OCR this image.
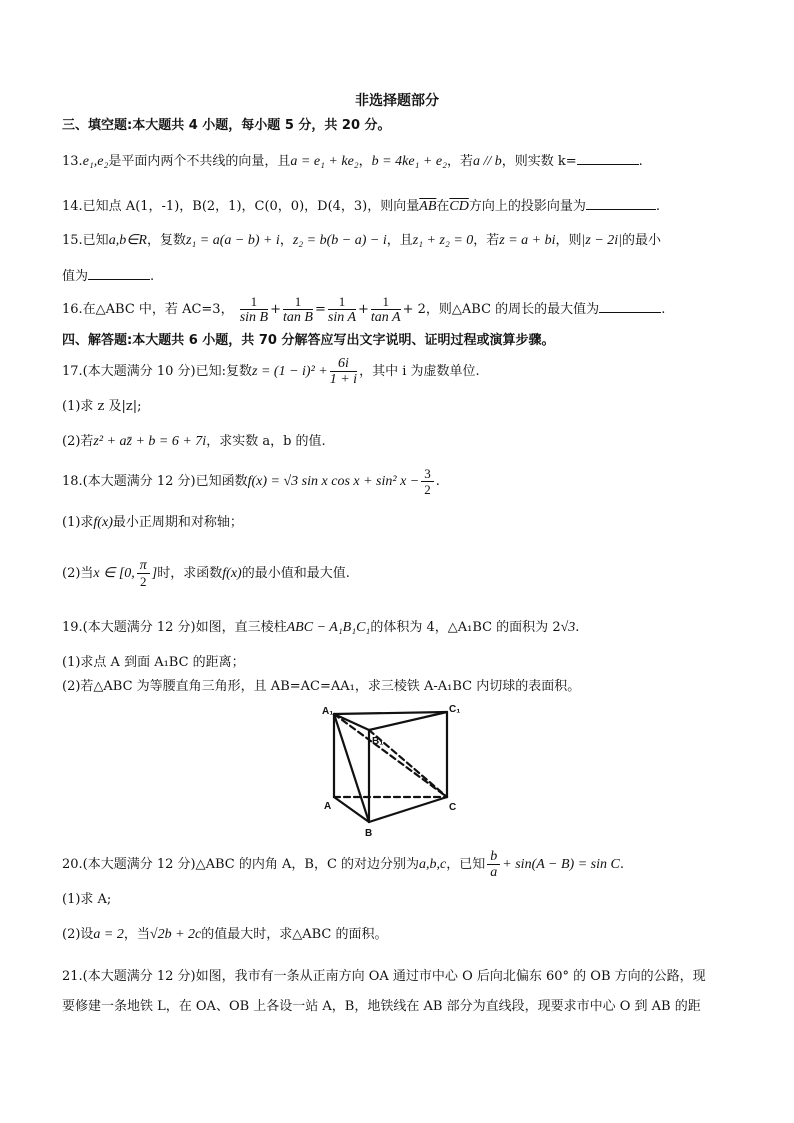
非选择题部分
三、填空题:本大题共 4 小题，每小题 5 分，共 20 分。
13.e₁,e₂是平面内两个不共线的向量，且a = e₁ + ke₂，b = 4ke₁ + e₂，若a // b，则实数 k=	.
14.已知点 A(1，-1)，B(2，1)，C(0，0)，D(4，3)，则向量$\overline{AB}$在$\overline{CD}$方向上的投影向量为	.
15.已知a,b∈R，复数z₁ = a(a − b) + i，z₂ = b(b − a) − i，且z₁ + z₂ = 0，若z = a + bi，则|z − 2i|的最小
值为	.
16.在△ABC 中，若 AC=3， $\frac{1}{\text{sin B}} + \frac{1}{\text{tan B}} = \frac{1}{\text{sin A}} + \frac{1}{\text{tan A}} + 2$，则△ABC 的周长的最大值为	.
四、解答题:本大题共 6 小题，共 70 分解答应写出文字说明、证明过程或演算步骤。
17.(本大题满分 10 分)已知:复数$z = (1 - i)^2 + \frac{6i}{1 + i}$ ，其中 i 为虚数单位.
(1)求 z 及|z|;
(2)若z² + az̄ + b = 6 + 7i，求实数 a，b 的值.
18.(本大题满分 12 分)已知函数f(x) = √3 sin x cos x + sin² $x - \frac{3}{2}$ .
(1)求f(x)最小正周期和对称轴；
(2)当x ∈ [0, $\frac{\pi}{2}$ ]时，求函数f(x)的最小值和最大值.
19.(本大题满分 12 分)如图，直三棱柱ABC − A₁B₁C₁的体积为 4，△A₁BC 的面积为 2√3.
(1)求点 A 到面 A₁BC 的距离；
(2)若△ABC 为等腰直角三角形，且 AB=AC=AA₁，求三棱铁 A-A₁BC 内切球的表面积。
A₁
B₁
C₁
A
B
C
20.(本大题满分 12 分)△ABC 的内角 A，B，C 的对边分别为a,b,c，已知 $\frac{b}{a} + \sin(A - B) = \sin C$.
(1)求 A;
(2)设a = 2，当√2b + 2c的值最大时，求△ABC 的面积。
21.(本大题满分 12 分)如图，我市有一条从正南方向 OA 通过市中心 O 后向北偏东 60° 的 OB 方向的公路，现
要修建一条地铁 L，在 OA、OB 上各设一站 A，B，地铁线在 AB 部分为直线段，现要求市中心 O 到 AB 的距
